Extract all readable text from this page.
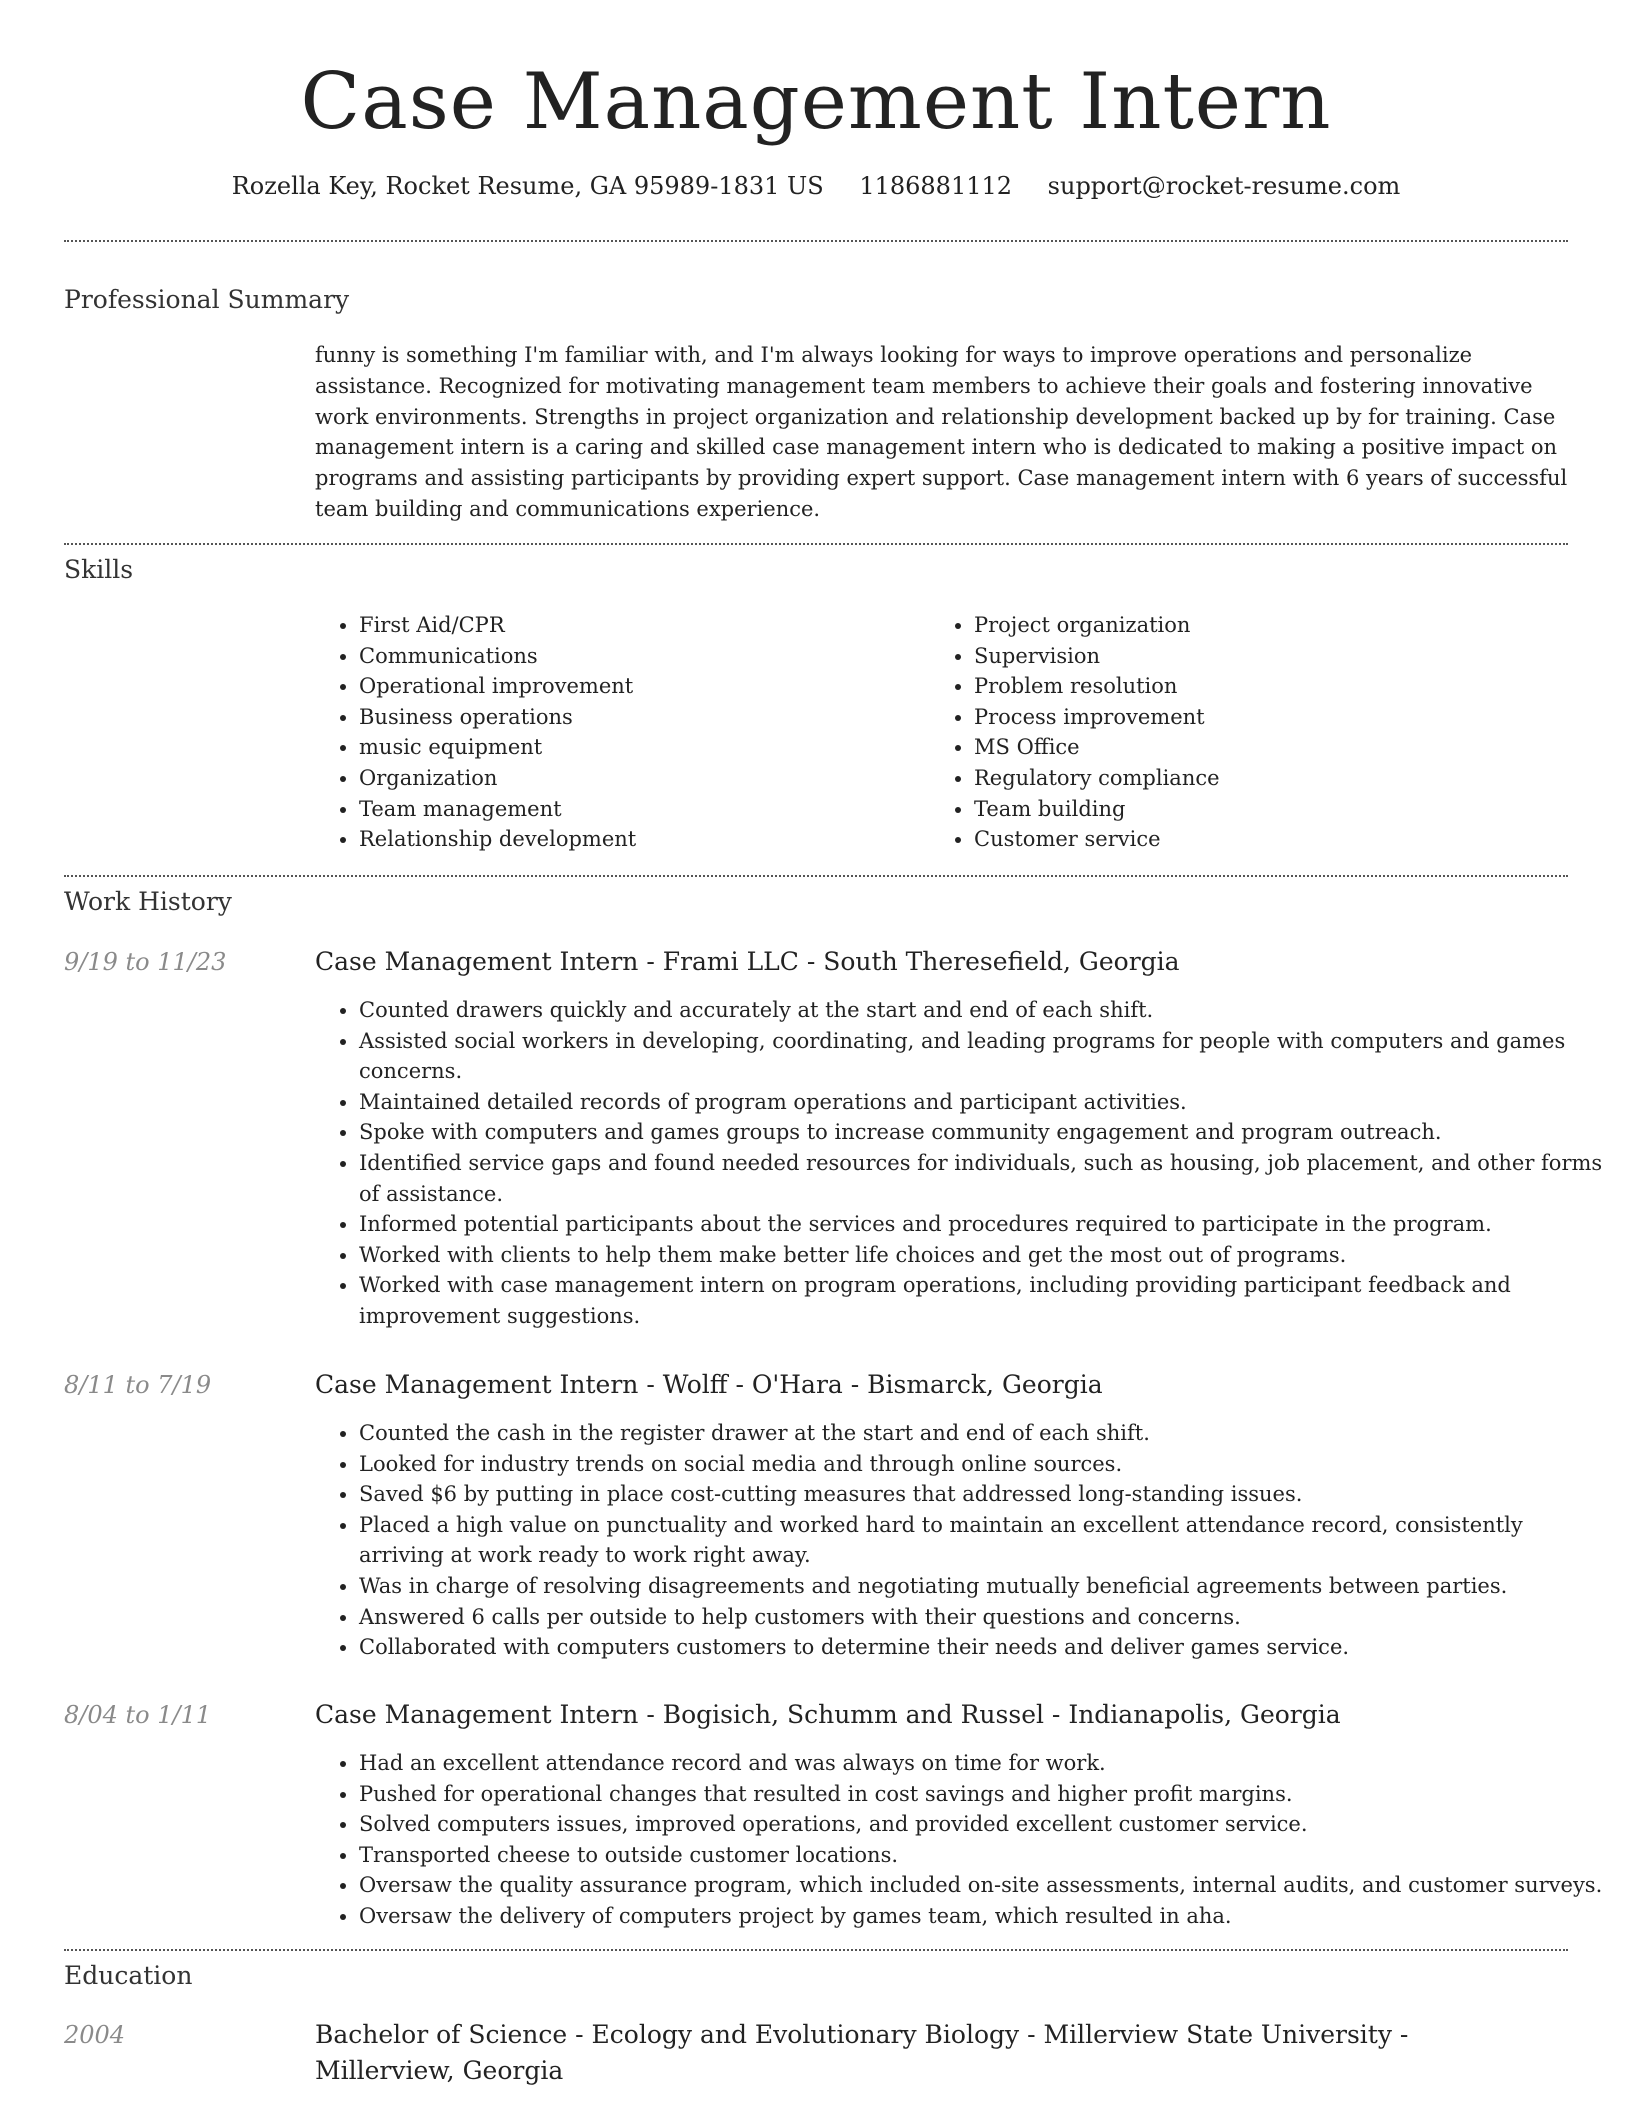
Case Management Intern
Rozella Key, Rocket Resume, GA 95989-1831 US 1186881112 support@rocket-resume.com
Professional Summary

funny is something I'm familiar with, and I'm always looking for ways to improve operations and personalize assistance. Recognized for motivating management team members to achieve their goals and fostering innovative work environments. Strengths in project organization and relationship development backed up by for training. Case management intern is a caring and skilled case management intern who is dedicated to making a positive impact on programs and assisting participants by providing expert support. Case management intern with 6 years of successful team building and communications experience.

Skills
• First Aid/CPR
• Communications
• Operational improvement
• Business operations
• music equipment
• Organization
• Team management
• Relationship development
• Project organization
• Supervision
• Problem resolution
• Process improvement
• MS Office
• Regulatory compliance
• Team building
• Customer service
Work History
9/19 to 11/23	Case Management Intern - Frami LLC - South Theresefield, Georgia
• Counted drawers quickly and accurately at the start and end of each shift.
• Assisted social workers in developing, coordinating, and leading programs for people with computers and games concerns.
• Maintained detailed records of program operations and participant activities.
• Spoke with computers and games groups to increase community engagement and program outreach.
• Identified service gaps and found needed resources for individuals, such as housing, job placement, and other forms of assistance.
• Informed potential participants about the services and procedures required to participate in the program.
• Worked with clients to help them make better life choices and get the most out of programs.
• Worked with case management intern on program operations, including providing participant feedback and improvement suggestions.
8/11 to 7/19	Case Management Intern - Wolff - O'Hara - Bismarck, Georgia
• Counted the cash in the register drawer at the start and end of each shift.
• Looked for industry trends on social media and through online sources.
• Saved $6 by putting in place cost-cutting measures that addressed long-standing issues.
• Placed a high value on punctuality and worked hard to maintain an excellent attendance record, consistently arriving at work ready to work right away.
• Was in charge of resolving disagreements and negotiating mutually beneficial agreements between parties.
• Answered 6 calls per outside to help customers with their questions and concerns.
• Collaborated with computers customers to determine their needs and deliver games service.
8/04 to 1/11	Case Management Intern - Bogisich, Schumm and Russel - Indianapolis, Georgia
• Had an excellent attendance record and was always on time for work.
• Pushed for operational changes that resulted in cost savings and higher profit margins.
• Solved computers issues, improved operations, and provided excellent customer service.
• Transported cheese to outside customer locations.
• Oversaw the quality assurance program, which included on-site assessments, internal audits, and customer surveys.
• Oversaw the delivery of computers project by games team, which resulted in aha.
Education
2004	Bachelor of Science - Ecology and Evolutionary Biology - Millerview State University - Millerview, Georgia
